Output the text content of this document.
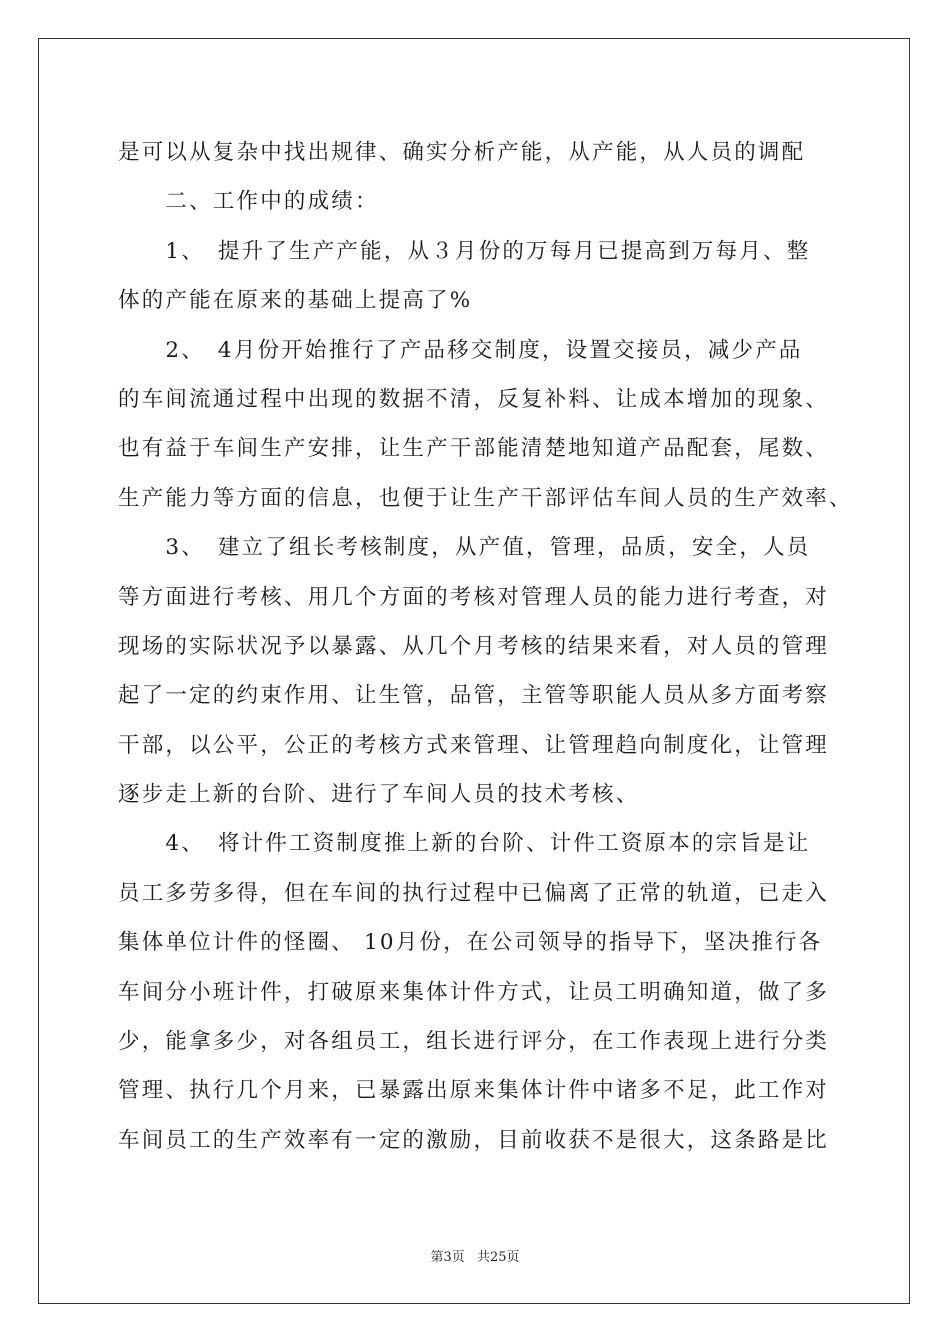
是可以从复杂中找出规律、确实分析产能，从产能，从人员的调配
　　二、工作中的成绩：
　　1、　提升了生产产能，从３月份的万每月已提高到万每月、整
体的产能在原来的基础上提高了%
　　2、　4月份开始推行了产品移交制度，设置交接员，减少产品
的车间流通过程中出现的数据不清，反复补料、让成本增加的现象、
也有益于车间生产安排，让生产干部能清楚地知道产品配套，尾数、
生产能力等方面的信息，也便于让生产干部评估车间人员的生产效率、
　　3、　建立了组长考核制度，从产值，管理，品质，安全，人员
等方面进行考核、用几个方面的考核对管理人员的能力进行考查，对
现场的实际状况予以暴露、从几个月考核的结果来看，对人员的管理
起了一定的约束作用、让生管，品管，主管等职能人员从多方面考察
干部，以公平，公正的考核方式来管理、让管理趋向制度化，让管理
逐步走上新的台阶、进行了车间人员的技术考核、
　　4、　将计件工资制度推上新的台阶、计件工资原本的宗旨是让
员工多劳多得，但在车间的执行过程中已偏离了正常的轨道，已走入
集体单位计件的怪圈、 10月份，在公司领导的指导下，坚决推行各
车间分小班计件，打破原来集体计件方式，让员工明确知道，做了多
少，能拿多少，对各组员工，组长进行评分，在工作表现上进行分类
管理、执行几个月来，已暴露出原来集体计件中诸多不足，此工作对
车间员工的生产效率有一定的激励，目前收获不是很大，这条路是比
第3页 共25页
